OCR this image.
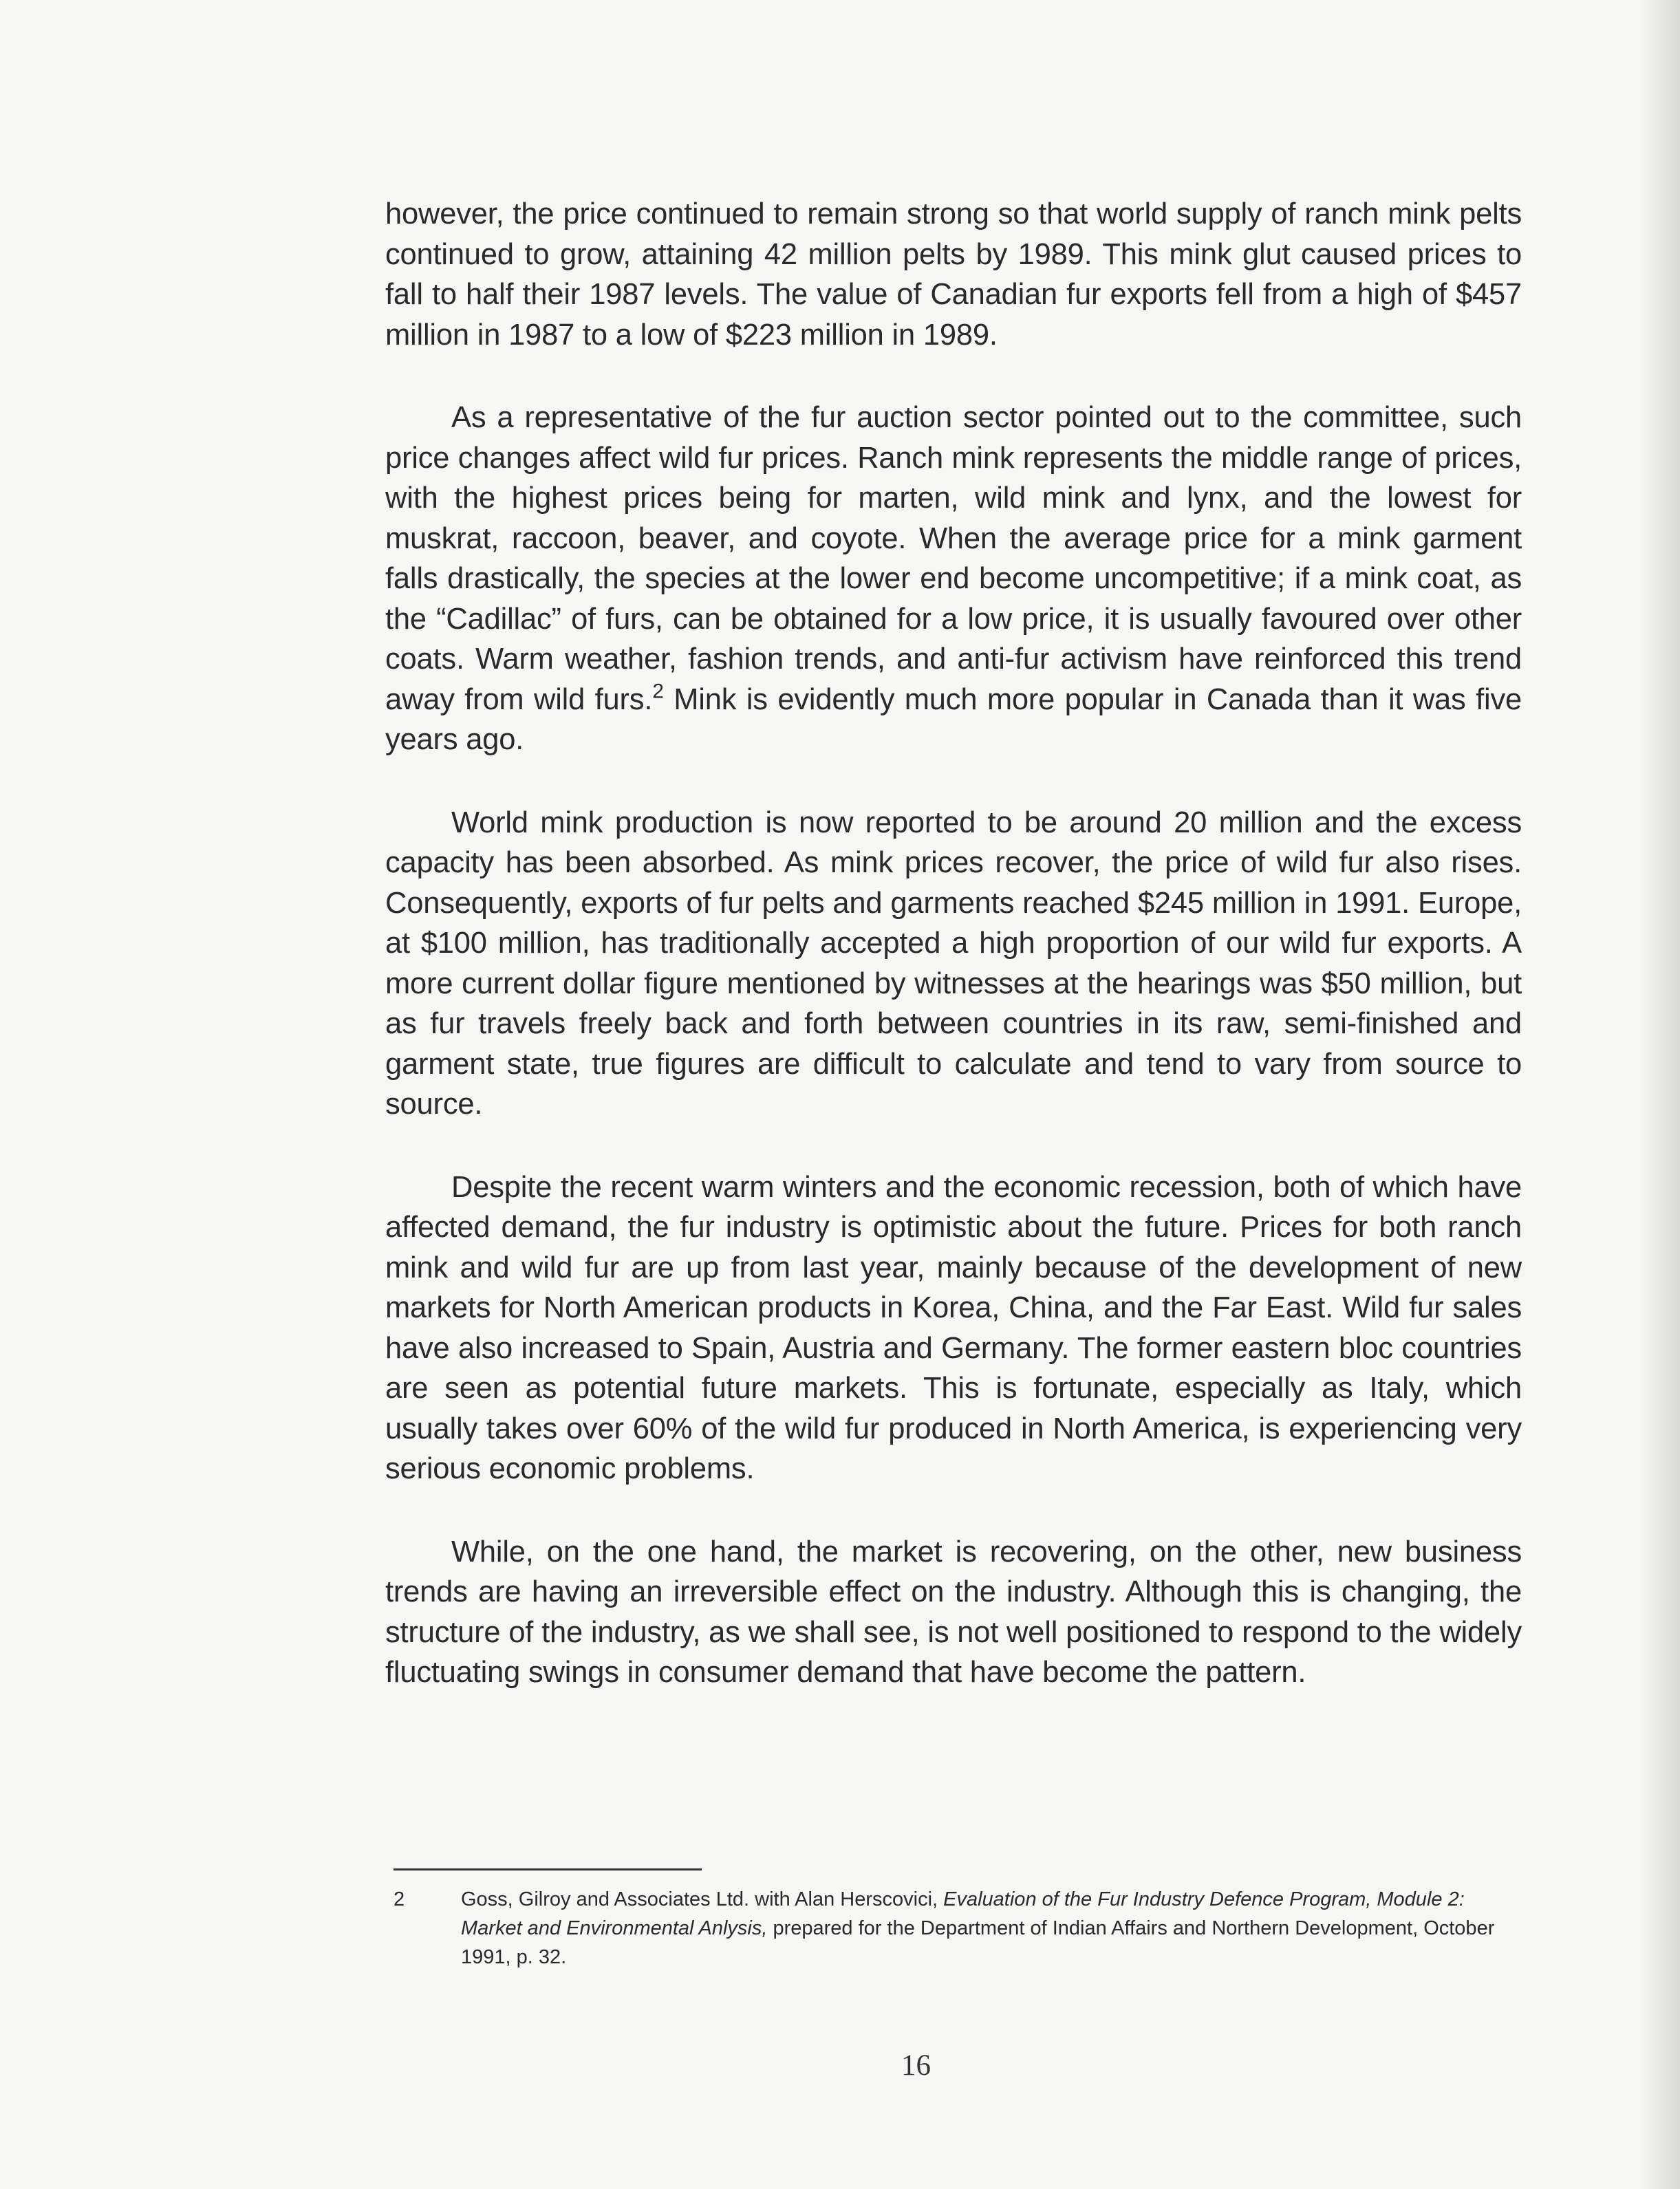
however, the price continued to remain strong so that world supply of ranch mink pelts continued to grow, attaining 42 million pelts by 1989. This mink glut caused prices to fall to half their 1987 levels. The value of Canadian fur exports fell from a high of $457 million in 1987 to a low of $223 million in 1989.

As a representative of the fur auction sector pointed out to the committee, such price changes affect wild fur prices. Ranch mink represents the middle range of prices, with the highest prices being for marten, wild mink and lynx, and the lowest for muskrat, raccoon, beaver, and coyote. When the average price for a mink garment falls drastically, the species at the lower end become uncompetitive; if a mink coat, as the “Cadillac” of furs, can be obtained for a low price, it is usually favoured over other coats. Warm weather, fashion trends, and anti-fur activism have reinforced this trend away from wild furs.$^2$ Mink is evidently much more popular in Canada than it was five years ago.

World mink production is now reported to be around 20 million and the excess capacity has been absorbed. As mink prices recover, the price of wild fur also rises. Consequently, exports of fur pelts and garments reached $245 million in 1991. Europe, at $100 million, has traditionally accepted a high proportion of our wild fur exports. A more current dollar figure mentioned by witnesses at the hearings was $50 million, but as fur travels freely back and forth between countries in its raw, semi-finished and garment state, true figures are difficult to calculate and tend to vary from source to source.

Despite the recent warm winters and the economic recession, both of which have affected demand, the fur industry is optimistic about the future. Prices for both ranch mink and wild fur are up from last year, mainly because of the development of new markets for North American products in Korea, China, and the Far East. Wild fur sales have also increased to Spain, Austria and Germany. The former eastern bloc countries are seen as potential future markets. This is fortunate, especially as Italy, which usually takes over 60% of the wild fur produced in North America, is experiencing very serious economic problems.

While, on the one hand, the market is recovering, on the other, new business trends are having an irreversible effect on the industry. Although this is changing, the structure of the industry, as we shall see, is not well positioned to respond to the widely fluctuating swings in consumer demand that have become the pattern.

2	Goss, Gilroy and Associates Ltd. with Alan Herscovici, Evaluation of the Fur Industry Defence Program, Module 2: Market and Environmental Anlysis, prepared for the Department of Indian Affairs and Northern Development, October 1991, p. 32.
16
